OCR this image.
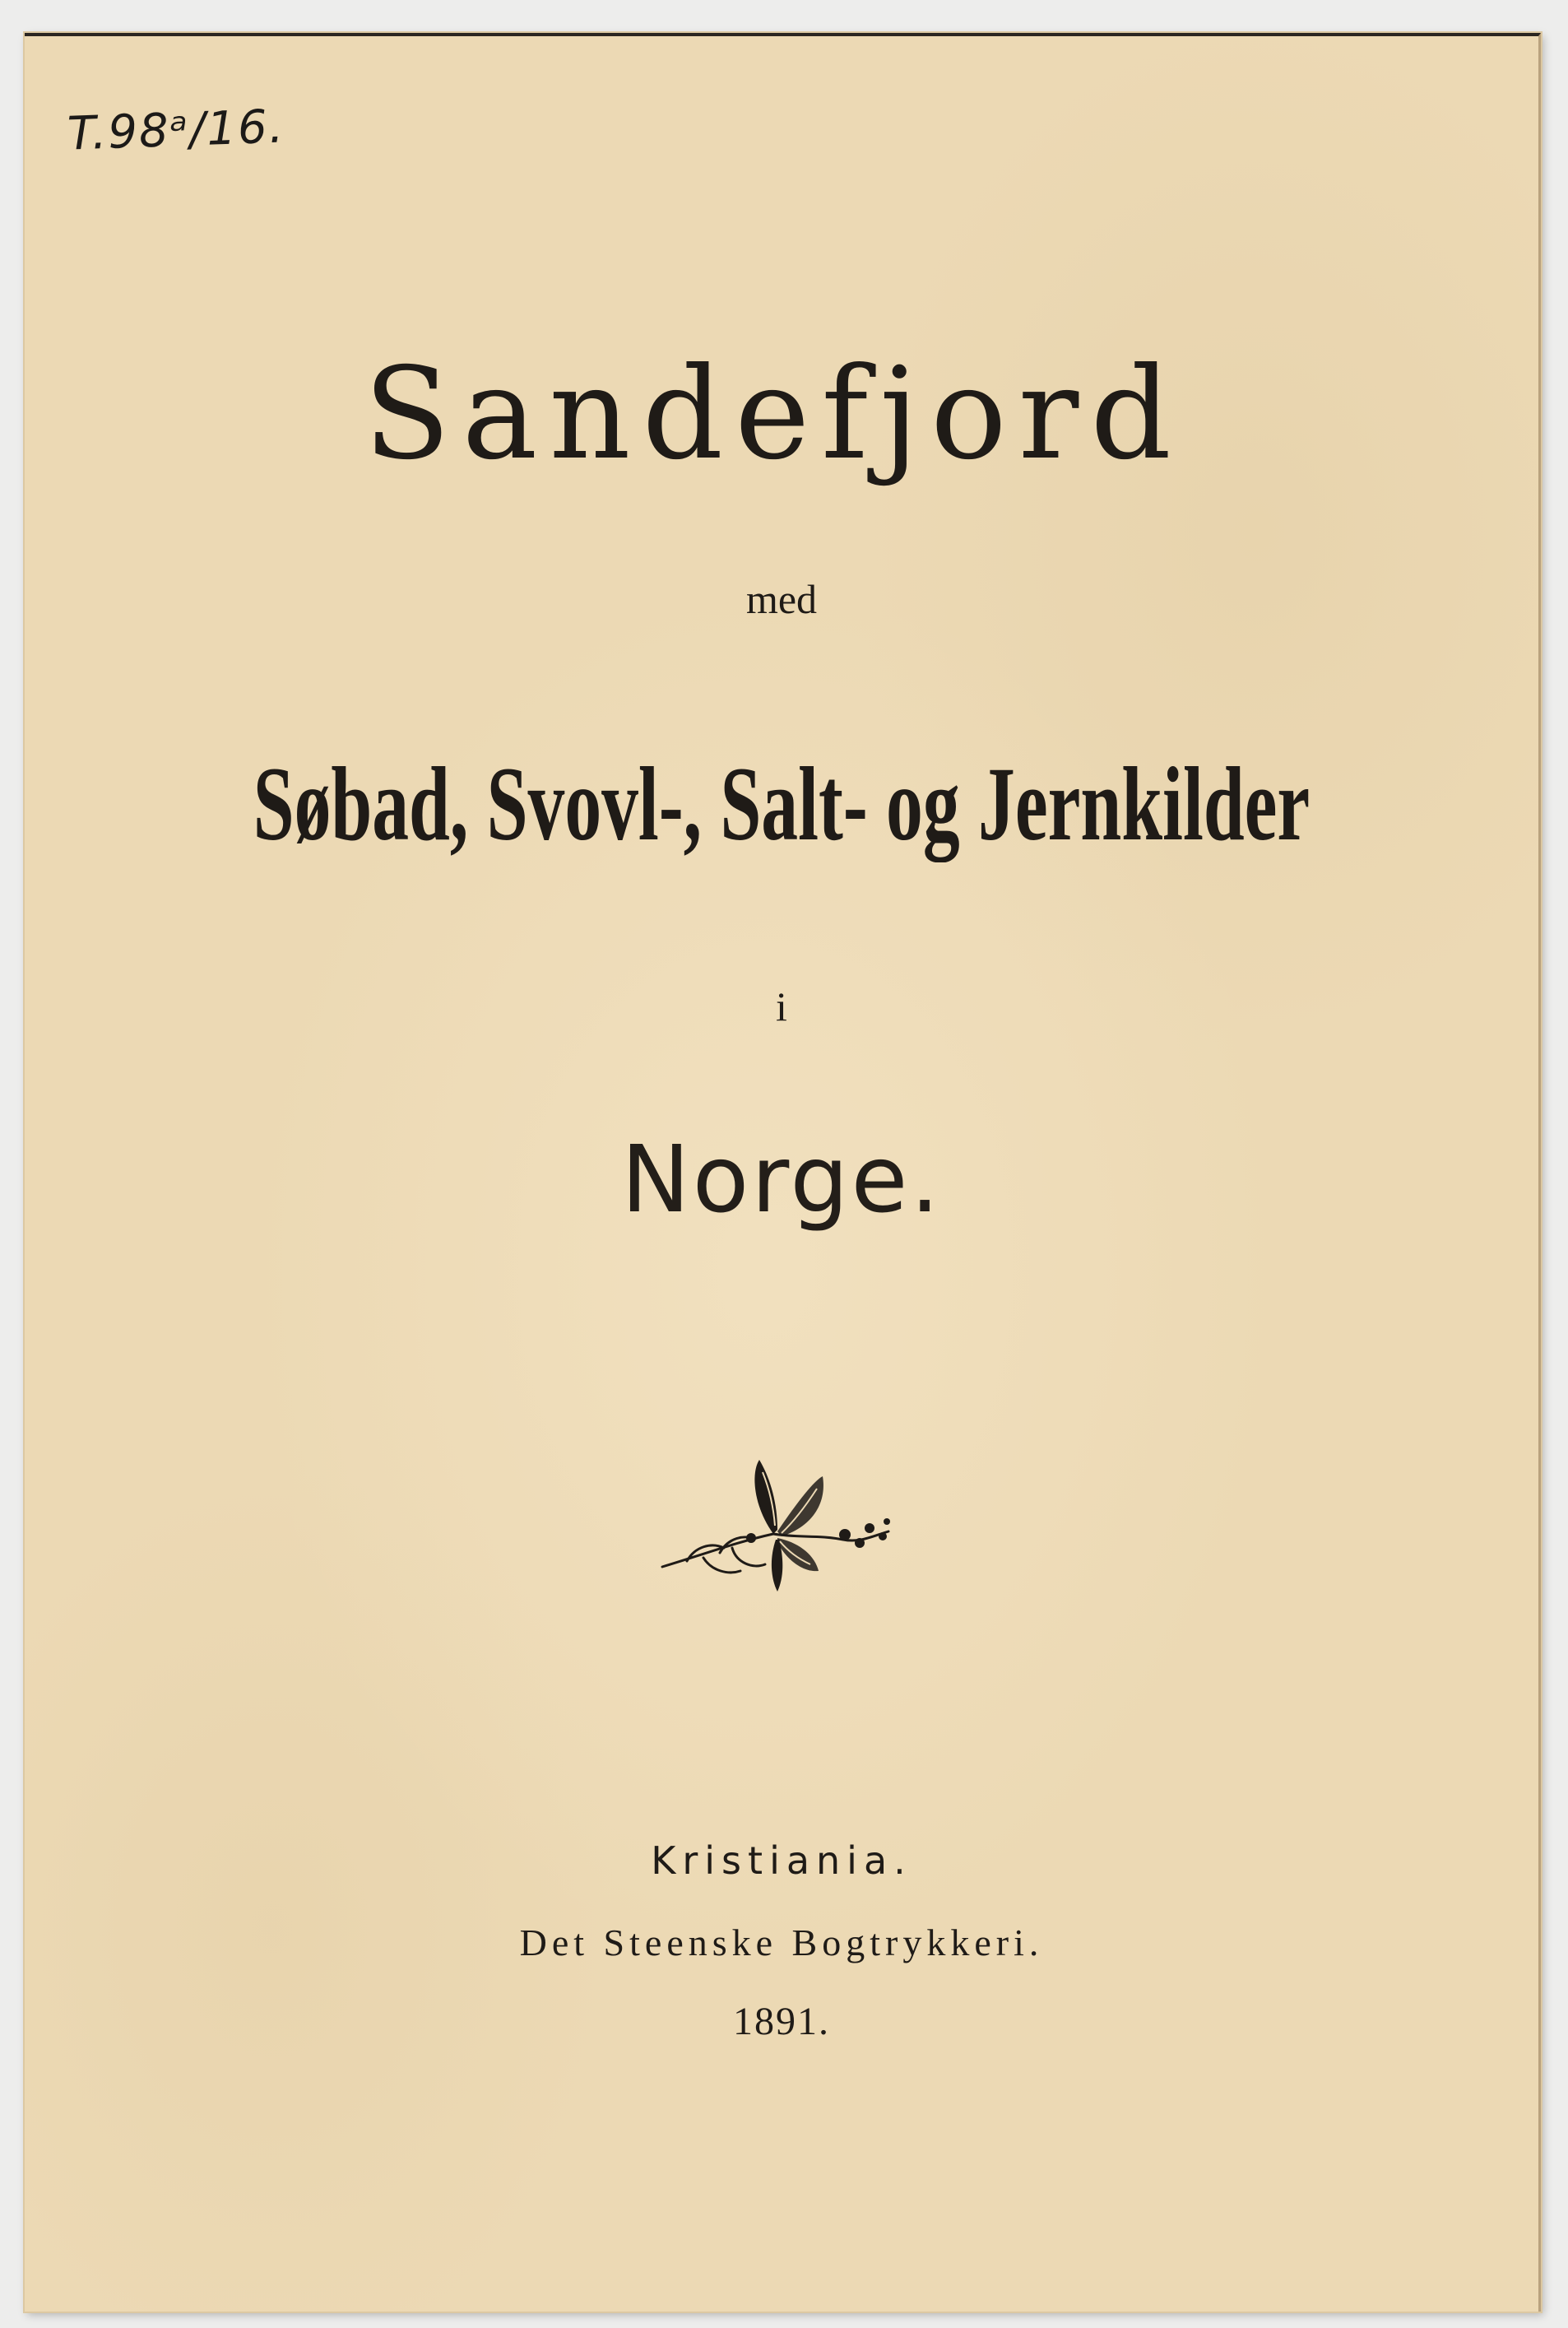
T.98ᵃ/16.
Sandefjord
med
Søbad, Svovl-, Salt- og Jernkilder
i
Norge.
Kristiania.
Det Steenske Bogtrykkeri.
1891.
